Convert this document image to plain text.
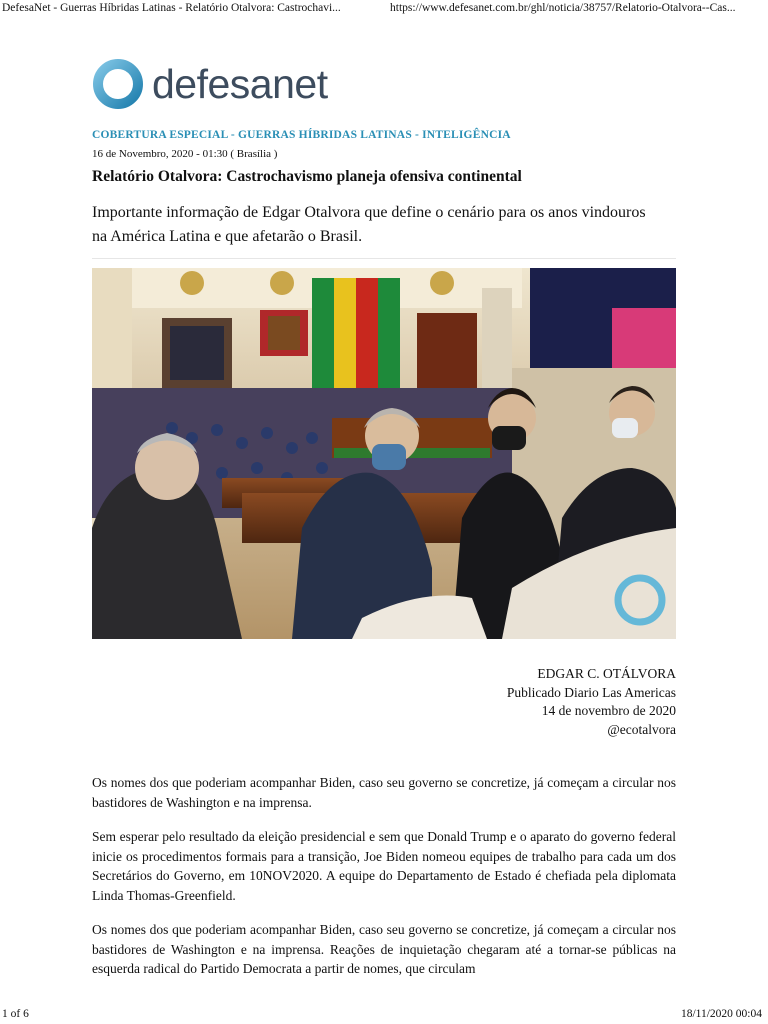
DefesaNet - Guerras Híbridas Latinas - Relatório Otalvora: Castrochavi...	https://www.defesanet.com.br/ghl/noticia/38757/Relatorio-Otalvora--Cas...
defesanet
COBERTURA ESPECIAL - GUERRAS HÍBRIDAS LATINAS - INTELIGÊNCIA
16 de Novembro, 2020 - 01:30 ( Brasília )
Relatório Otalvora: Castrochavismo planeja ofensiva continental
Importante informação de Edgar Otalvora que define o cenário para os anos vindouros na América Latina e que afetarão o Brasil.
EDGAR C. OTÁLVORA
Publicado Diario Las Americas
14 de novembro de 2020
@ecotalvora
Os nomes dos que poderiam acompanhar Biden, caso seu governo se concretize, já começam a circular nos bastidores de Washington e na imprensa.
Sem esperar pelo resultado da eleição presidencial e sem que Donald Trump e o aparato do governo federal inicie os procedimentos formais para a transição, Joe Biden nomeou equipes de trabalho para cada um dos Secretários do Governo, em 10NOV2020. A equipe do Departamento de Estado é chefiada pela diplomata Linda Thomas-Greenfield.
Os nomes dos que poderiam acompanhar Biden, caso seu governo se concretize, já começam a circular nos bastidores de Washington e na imprensa. Reações de inquietação chegaram até a tornar-se públicas na esquerda radical do Partido Democrata a partir de nomes, que circulam
1 of 6	18/11/2020 00:04
